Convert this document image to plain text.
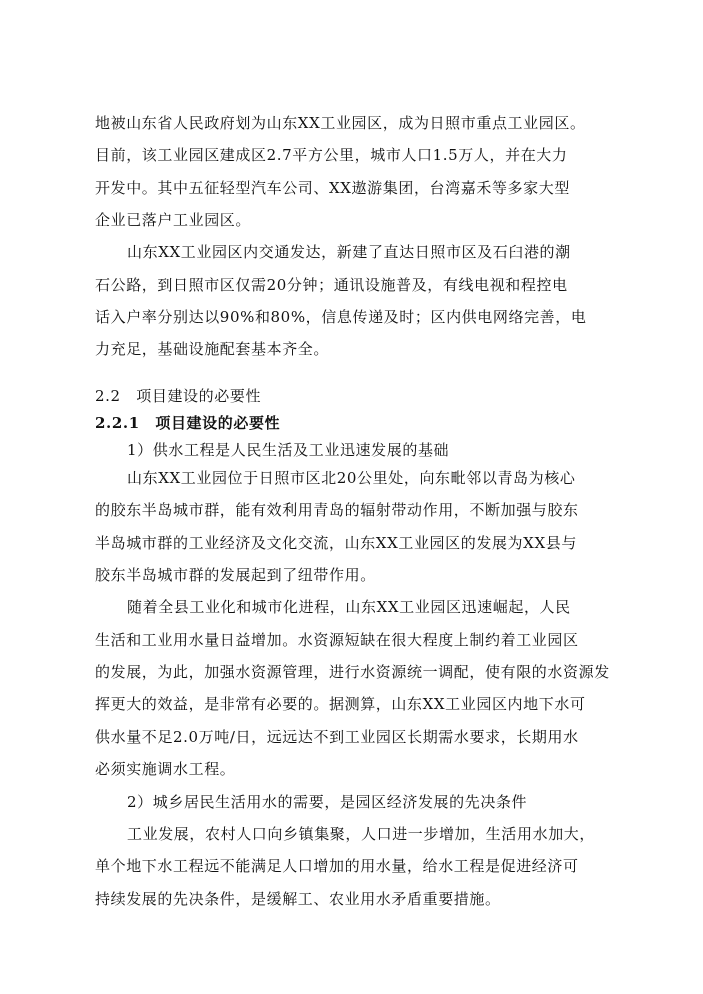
地被山东省人民政府划为山东XX工业园区，成为日照市重点工业园区。

目前，该工业园区建成区2.7平方公里，城市人口1.5万人，并在大力

开发中。其中五征轻型汽车公司、XX遨游集团，台湾嘉禾等多家大型

企业已落户工业园区。

山东XX工业园区内交通发达，新建了直达日照市区及石臼港的潮

石公路，到日照市区仅需20分钟；通讯设施普及，有线电视和程控电

话入户率分别达以90%和80%，信息传递及时；区内供电网络完善，电

力充足，基础设施配套基本齐全。

2.2　项目建设的必要性

2.2.1　项目建设的必要性

1）供水工程是人民生活及工业迅速发展的基础

山东XX工业园位于日照市区北20公里处，向东毗邻以青岛为核心

的胶东半岛城市群，能有效利用青岛的辐射带动作用，不断加强与胶东

半岛城市群的工业经济及文化交流，山东XX工业园区的发展为XX县与

胶东半岛城市群的发展起到了纽带作用。

随着全县工业化和城市化进程，山东XX工业园区迅速崛起，人民

生活和工业用水量日益增加。水资源短缺在很大程度上制约着工业园区

的发展，为此，加强水资源管理，进行水资源统一调配，使有限的水资源发

挥更大的效益，是非常有必要的。据测算，山东XX工业园区内地下水可

供水量不足2.0万吨/日，远远达不到工业园区长期需水要求，长期用水

必须实施调水工程。

2）城乡居民生活用水的需要，是园区经济发展的先决条件

工业发展，农村人口向乡镇集聚，人口进一步增加，生活用水加大，

单个地下水工程远不能满足人口增加的用水量，给水工程是促进经济可

持续发展的先决条件，是缓解工、农业用水矛盾重要措施。
